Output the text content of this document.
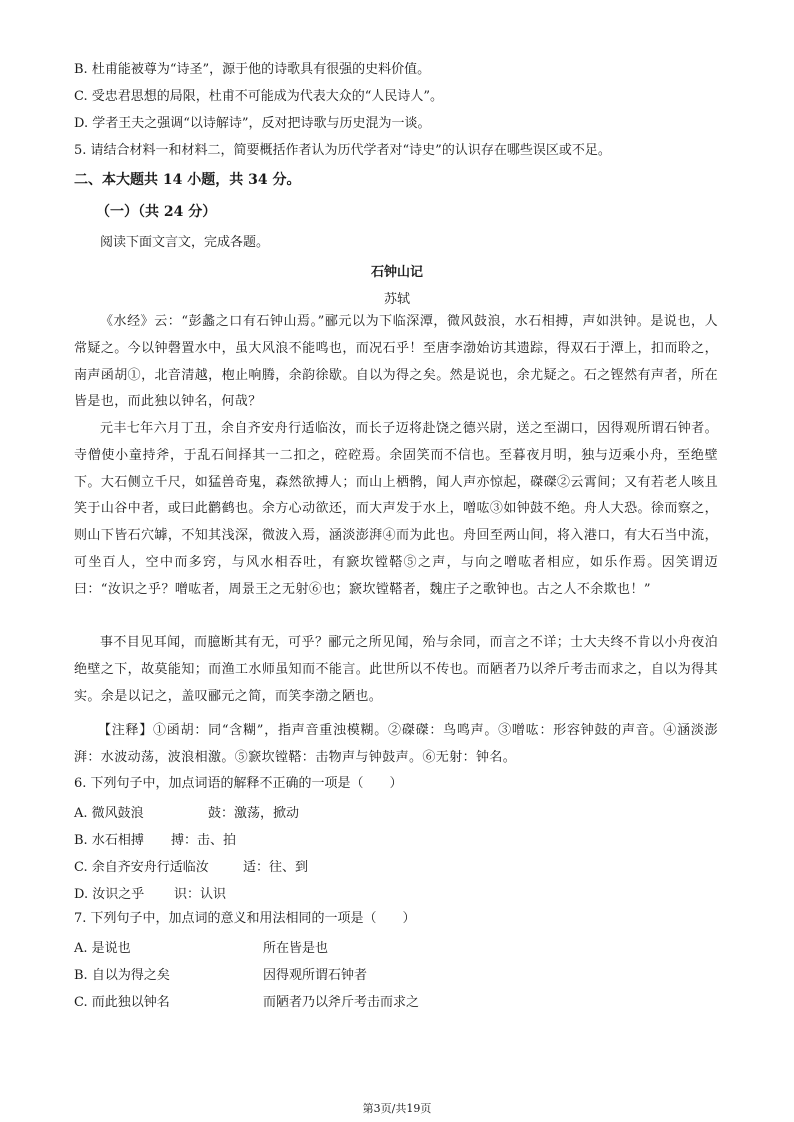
B. 杜甫能被尊为“诗圣”，源于他的诗歌具有很强的史料价值。
C. 受忠君思想的局限，杜甫不可能成为代表大众的“人民诗人”。
D. 学者王夫之强调“以诗解诗”，反对把诗歌与历史混为一谈。
5. 请结合材料一和材料二，简要概括作者认为历代学者对“诗史”的认识存在哪些误区或不足。
二、本大题共 14 小题，共 34 分。
（一）（共 24 分）
阅读下面文言文，完成各题。
石钟山记
苏轼
《水经》云：“彭蠡之口有石钟山焉。”郦元以为下临深潭，微风鼓浪，水石相搏，声如洪钟。是说也，人常疑之。今以钟磬置水中，虽大风浪不能鸣也，而况石乎！至唐李渤始访其遗踪，得双石于潭上，扣而聆之，南声函胡①，北音清越，枹止响腾，余韵徐歇。自以为得之矣。然是说也，余尤疑之。石之铿然有声者，所在皆是也，而此独以钟名，何哉？
元丰七年六月丁丑，余自齐安舟行适临汝，而长子迈将赴饶之德兴尉，送之至湖口，因得观所谓石钟者。寺僧使小童持斧，于乱石间择其一二扣之，硿硿焉。余固笑而不信也。至暮夜月明，独与迈乘小舟，至绝壁下。大石侧立千尺，如猛兽奇鬼，森然欲搏人；而山上栖鹘，闻人声亦惊起，磔磔②云霄间；又有若老人咳且笑于山谷中者，或曰此鹳鹤也。余方心动欲还，而大声发于水上，噌吰③如钟鼓不绝。舟人大恐。徐而察之，则山下皆石穴罅，不知其浅深，微波入焉，涵淡澎湃④而为此也。舟回至两山间，将入港口，有大石当中流，可坐百人，空中而多窍，与风水相吞吐，有窾坎镗鞳⑤之声，与向之噌吰者相应，如乐作焉。因笑谓迈曰：“汝识之乎？噌吰者，周景王之无射⑥也；窾坎镗鞳者，魏庄子之歌钟也。古之人不余欺也！”
事不目见耳闻，而臆断其有无，可乎？郦元之所见闻，殆与余同，而言之不详；士大夫终不肯以小舟夜泊绝壁之下，故莫能知；而渔工水师虽知而不能言。此世所以不传也。而陋者乃以斧斤考击而求之，自以为得其实。余是以记之，盖叹郦元之简，而笑李渤之陋也。
【注释】①函胡：同“含糊”，指声音重浊模糊。②磔磔：鸟鸣声。③噌吰：形容钟鼓的声音。④涵淡澎湃：水波动荡，波浪相激。⑤窾坎镗鞳：击物声与钟鼓声。⑥无射：钟名。
6. 下列句子中，加点词语的解释不正确的一项是（　　）
A. 微风鼓浪	鼓：激荡，掀动
B. 水石相搏 搏：击、拍
C. 余自齐安舟行适临汝	适：往、到
D. 汝识之乎 识：认识
7. 下列句子中，加点词的意义和用法相同的一项是（　　）
A. 是说也	所在皆是也
B. 自以为得之矣	因得观所谓石钟者
C. 而此独以钟名	而陋者乃以斧斤考击而求之
第3页/共19页
